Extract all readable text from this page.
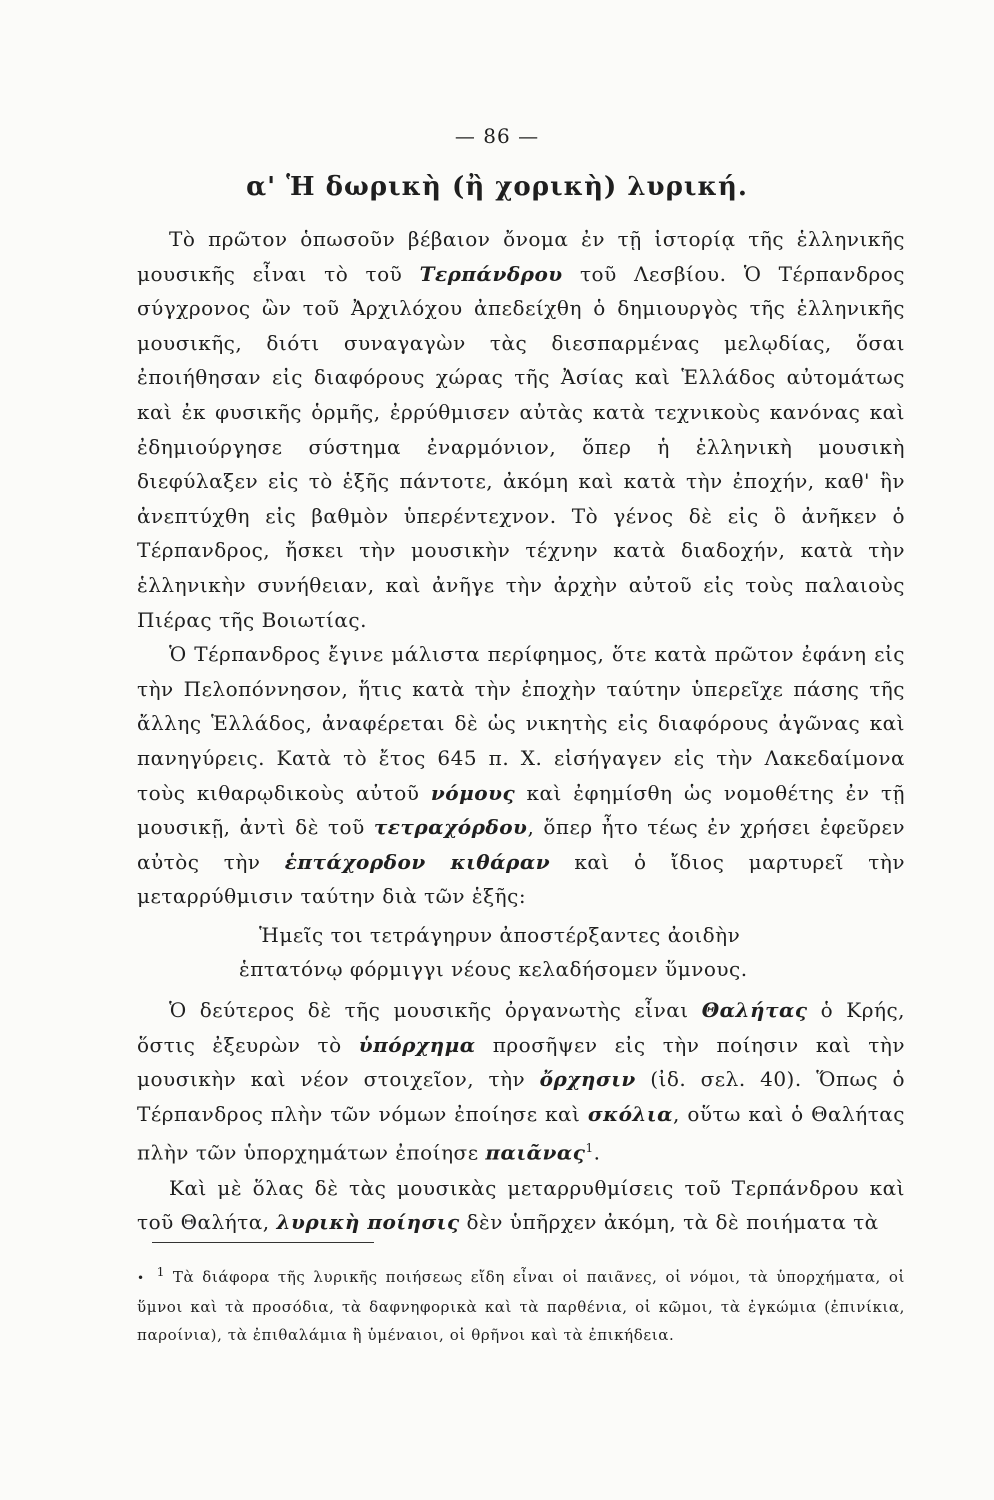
— 86 —
α' Ἡ δωρικὴ (ἢ χορικὴ) λυρική.

Τὸ πρῶτον ὁπωσοῦν βέβαιον ὄνομα ἐν τῇ ἱστορίᾳ τῆς ἑλληνικῆς μουσικῆς εἶναι τὸ τοῦ Τερπάνδρου τοῦ Λεσβίου. Ὁ Τέρπανδρος σύγχρονος ὢν τοῦ Ἀρχιλόχου ἀπεδείχθη ὁ δημιουργὸς τῆς ἑλληνικῆς μουσικῆς, διότι συναγαγὼν τὰς διεσπαρμένας μελῳδίας, ὅσαι ἐποιήθησαν εἰς διαφόρους χώρας τῆς Ἀσίας καὶ Ἑλλάδος αὐτομάτως καὶ ἐκ φυσικῆς ὁρμῆς, ἐρρύθμισεν αὐτὰς κατὰ τεχνικοὺς κανόνας καὶ ἐδημιούργησε σύστημα ἐναρμόνιον, ὅπερ ἡ ἑλληνικὴ μουσικὴ διεφύλαξεν εἰς τὸ ἑξῆς πάντοτε, ἀκόμη καὶ κατὰ τὴν ἐποχήν, καθ' ἣν ἀνεπτύχθη εἰς βαθμὸν ὑπερέντεχνον. Τὸ γένος δὲ εἰς ὃ ἀνῆκεν ὁ Τέρπανδρος, ἤσκει τὴν μουσικὴν τέχνην κατὰ διαδοχήν, κατὰ τὴν ἑλληνικὴν συνήθειαν, καὶ ἀνῆγε τὴν ἀρχὴν αὐτοῦ εἰς τοὺς παλαιοὺς Πιέρας τῆς Βοιωτίας.

Ὁ Τέρπανδρος ἔγινε μάλιστα περίφημος, ὅτε κατὰ πρῶτον ἐφάνη εἰς τὴν Πελοπόννησον, ἥτις κατὰ τὴν ἐποχὴν ταύτην ὑπερεῖχε πάσης τῆς ἄλλης Ἑλλάδος, ἀναφέρεται δὲ ὡς νικητὴς εἰς διαφόρους ἀγῶνας καὶ πανηγύρεις. Κατὰ τὸ ἔτος 645 π. Χ. εἰσήγαγεν εἰς τὴν Λακεδαίμονα τοὺς κιθαρῳδικοὺς αὐτοῦ νόμους καὶ ἐφημίσθη ὡς νομοθέτης ἐν τῇ μουσικῇ, ἀντὶ δὲ τοῦ τετραχόρδου, ὅπερ ἦτο τέως ἐν χρήσει ἐφεῦρεν αὐτὸς τὴν ἑπτάχορδον κιθάραν καὶ ὁ ἴδιος μαρτυρεῖ τὴν μεταρρύθμισιν ταύτην διὰ τῶν ἑξῆς:

Ἡμεῖς τοι τετράγηρυν ἀποστέρξαντες ἀοιδὴν
ἑπτατόνῳ φόρμιγγι νέους κελαδήσομεν ὕμνους.

Ὁ δεύτερος δὲ τῆς μουσικῆς ὀργανωτὴς εἶναι Θαλήτας ὁ Κρής, ὅστις ἐξευρὼν τὸ ὑπόρχημα προσῆψεν εἰς τὴν ποίησιν καὶ τὴν μουσικὴν καὶ νέον στοιχεῖον, τὴν ὄρχησιν (ἰδ. σελ. 40). Ὅπως ὁ Τέρπανδρος πλὴν τῶν νόμων ἐποίησε καὶ σκόλια, οὕτω καὶ ὁ Θαλήτας πλὴν τῶν ὑπορχημάτων ἐποίησε παιᾶνας$^1$.

Καὶ μὲ ὅλας δὲ τὰς μουσικὰς μεταρρυθμίσεις τοῦ Τερπάνδρου καὶ τοῦ Θαλήτα, λυρικὴ ποίησις δὲν ὑπῆρχεν ἀκόμη, τὰ δὲ ποιήματα τὰ

• $^1$ Τὰ διάφορα τῆς λυρικῆς ποιήσεως εἴδη εἶναι οἱ παιᾶνες, οἱ νόμοι, τὰ ὑπορχήματα, οἱ ὕμνοι καὶ τὰ προσόδια, τὰ δαφνηφορικὰ καὶ τὰ παρθένια, οἱ κῶμοι, τὰ ἐγκώμια (ἐπινίκια, παροίνια), τὰ ἐπιθαλάμια ἢ ὑμέναιοι, οἱ θρῆνοι καὶ τὰ ἐπικήδεια.
